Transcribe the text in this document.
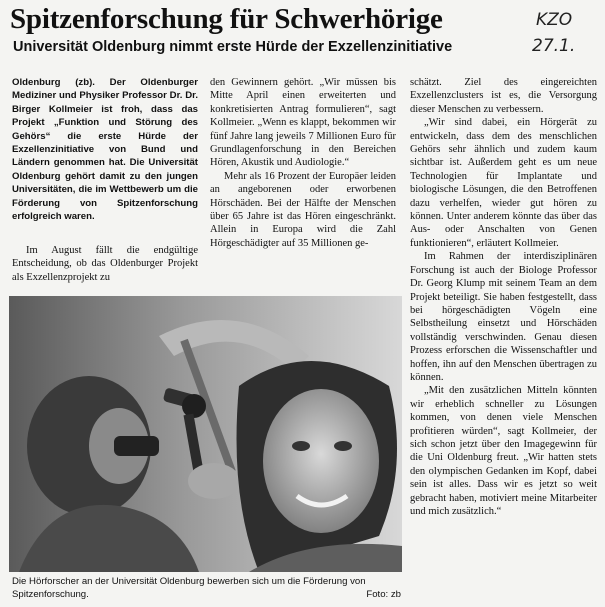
Spitzenforschung für Schwerhörige	KZO
27.1.
Universität Oldenburg nimmt erste Hürde der Exzellenzinitiative

Oldenburg (zb). Der Oldenburger Mediziner und Physiker Professor Dr. Dr. Birger Kollmeier ist froh, dass das Projekt „Funktion und Störung des Gehörs“ die erste Hürde der Exzellenzinitiative von Bund und Ländern genommen hat. Die Universität Oldenburg gehört damit zu den jungen Universitäten, die im Wettbewerb um die Förderung von Spitzenforschung erfolgreich waren.

Im August fällt die endgültige Entscheidung, ob das Oldenburger Projekt als Exzellenzprojekt zu

den Gewinnern gehört. „Wir müssen bis Mitte April einen erweiterten und konkretisierten Antrag formulieren“, sagt Kollmeier. „Wenn es klappt, bekommen wir fünf Jahre lang jeweils 7 Millionen Euro für Grundlagenforschung in den Bereichen Hören, Akustik und Audiologie.“

Mehr als 16 Prozent der Europäer leiden an angeborenen oder erworbenen Hörschäden. Bei der Hälfte der Menschen über 65 Jahre ist das Hören eingeschränkt. Allein in Europa wird die Zahl Hörgeschädigter auf 35 Millionen ge-

schätzt. Ziel des eingereichten Exzellenzclusters ist es, die Versorgung dieser Menschen zu verbessern.

„Wir sind dabei, ein Hörgerät zu entwickeln, dass dem des menschlichen Gehörs sehr ähnlich und zudem kaum sichtbar ist. Außerdem geht es um neue Technologien für Implantate und biologische Lösungen, die den Betroffenen dazu verhelfen, wieder gut hören zu können. Unter anderem könnte das über das Aus- oder Anschalten von Genen funktionieren“, erläutert Kollmeier.

Im Rahmen der interdisziplinären Forschung ist auch der Biologe Professor Dr. Georg Klump mit seinem Team an dem Projekt beteiligt. Sie haben festgestellt, dass bei hörgeschädigten Vögeln eine Selbstheilung einsetzt und Hörschäden vollständig verschwinden. Genau diesen Prozess erforschen die Wissenschaftler und hoffen, ihn auf den Menschen übertragen zu können.

„Mit den zusätzlichen Mitteln könnten wir erheblich schneller zu Lösungen kommen, von denen viele Menschen profitieren würden“, sagt Kollmeier, der sich schon jetzt über den Imagegewinn für die Uni Oldenburg freut. „Wir hatten stets den olympischen Gedanken im Kopf, dabei sein ist alles. Dass wir es jetzt so weit gebracht haben, motiviert meine Mitarbeiter und mich zusätzlich.“

Die Hörforscher an der Universität Oldenburg bewerben sich um die Förderung von Spitzenforschung.	Foto: zb
